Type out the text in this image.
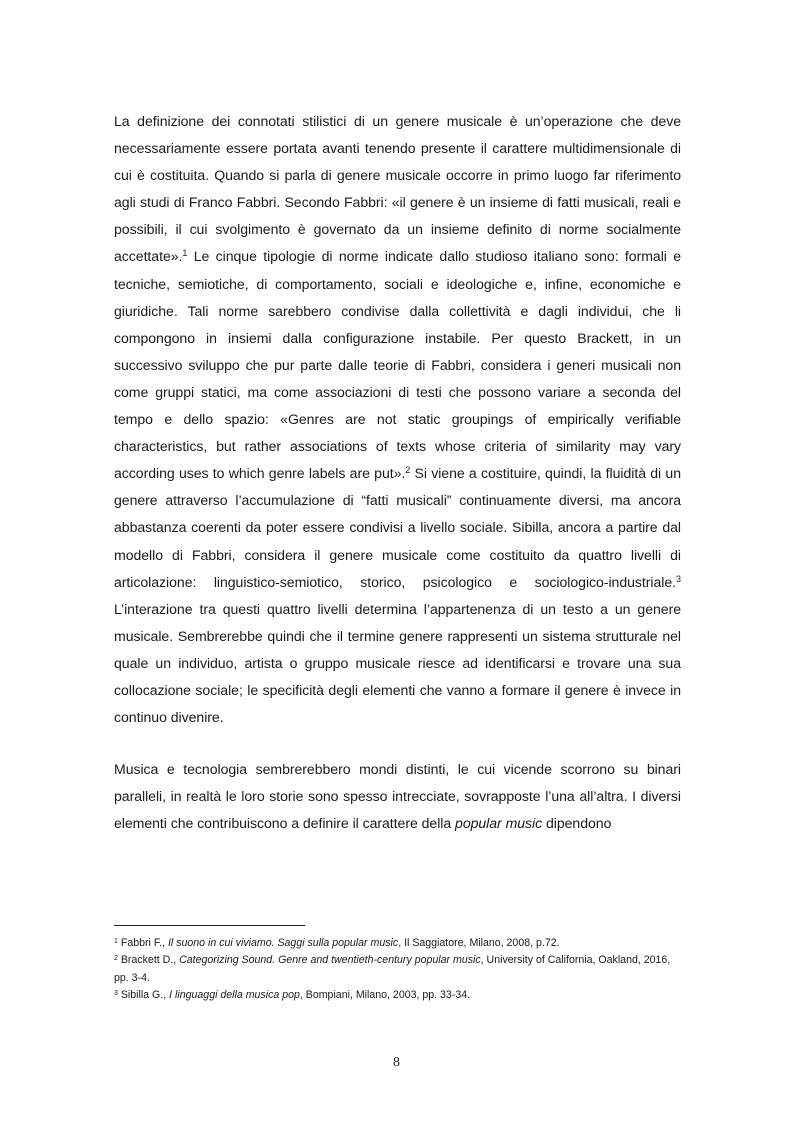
La definizione dei connotati stilistici di un genere musicale è un’operazione che deve necessariamente essere portata avanti tenendo presente il carattere multidimensionale di cui è costituita. Quando si parla di genere musicale occorre in primo luogo far riferimento agli studi di Franco Fabbri. Secondo Fabbri: «il genere è un insieme di fatti musicali, reali e possibili, il cui svolgimento è governato da un insieme definito di norme socialmente accettate».$^1$ Le cinque tipologie di norme indicate dallo studioso italiano sono: formali e tecniche, semiotiche, di comportamento, sociali e ideologiche e, infine, economiche e giuridiche. Tali norme sarebbero condivise dalla collettività e dagli individui, che li compongono in insiemi dalla configurazione instabile. Per questo Brackett, in un successivo sviluppo che pur parte dalle teorie di Fabbri, considera i generi musicali non come gruppi statici, ma come associazioni di testi che possono variare a seconda del tempo e dello spazio: «Genres are not static groupings of empirically verifiable characteristics, but rather associations of texts whose criteria of similarity may vary according uses to which genre labels are put».$^2$ Si viene a costituire, quindi, la fluidità di un genere attraverso l’accumulazione di “fatti musicali” continuamente diversi, ma ancora abbastanza coerenti da poter essere condivisi a livello sociale. Sibilla, ancora a partire dal modello di Fabbri, considera il genere musicale come costituito da quattro livelli di articolazione: linguistico-semiotico, storico, psicologico e sociologico-industriale.$^3$ L’interazione tra questi quattro livelli determina l’appartenenza di un testo a un genere musicale. Sembrerebbe quindi che il termine genere rappresenti un sistema strutturale nel quale un individuo, artista o gruppo musicale riesce ad identificarsi e trovare una sua collocazione sociale; le specificità degli elementi che vanno a formare il genere è invece in continuo divenire.

Musica e tecnologia sembrerebbero mondi distinti, le cui vicende scorrono su binari paralleli, in realtà le loro storie sono spesso intrecciate, sovrapposte l’una all’altra. I diversi elementi che contribuiscono a definire il carattere della popular music dipendono

$^1$ Fabbri F., Il suono in cui viviamo. Saggi sulla popular music, Il Saggiatore, Milano, 2008, p.72.

$^2$ Brackett D., Categorizing Sound. Genre and twentieth-century popular music, University of California, Oakland, 2016, pp. 3-4.

$^3$ Sibilla G., I linguaggi della musica pop, Bompiani, Milano, 2003, pp. 33-34.

8
